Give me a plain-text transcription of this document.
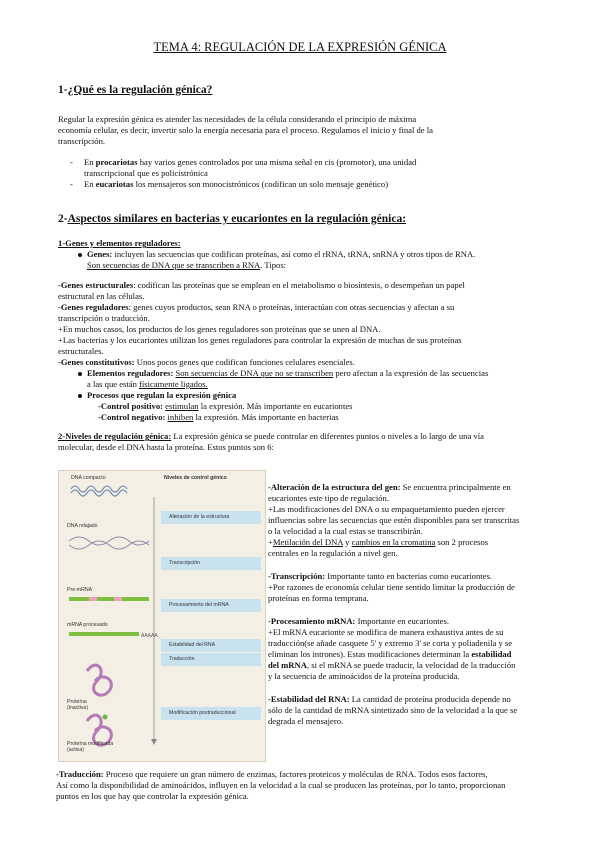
TEMA 4: REGULACIÓN DE LA EXPRESIÓN GÉNICA
1-¿Qué es la regulación génica?
Regular la expresión génica es atender las necesidades de la célula considerando el principio de máxima
economía celular, es decir, invertir solo la energía necesaria para el proceso. Regulamos el inicio y final de la
transcripción.
- En procariotas hay varios genes controlados por una misma señal en cis (promotor), una unidad
transcripcional que es policistrónica
- En eucariotas los mensajeros son monocistrónicos (codifican un solo mensaje genético)
2-Aspectos similares en bacterias y eucariontes en la regulación génica:
1-Genes y elementos reguladores:
Genes: incluyen las secuencias que codifican proteínas, así como el rRNA, tRNA, snRNA y otros tipos de RNA.
Son secuencias de DNA que se transcriben a RNA. Tipos:
-Genes estructurales: codifican las proteínas que se emplean en el metabolismo o biosíntesis, o desempeñan un papel
estructural en las células.
-Genes reguladores: genes cuyos productos, sean RNA o proteínas, interactúan con otras secuencias y afectan a su
transcripción o traducción.
+En muchos casos, los productos de los genes reguladores son proteínas que se unen al DNA.
+Las bacterias y los eucariontes utilizan los genes reguladores para controlar la expresión de muchas de sus proteínas
estructurales.
-Genes constitutivos: Unos pocos genes que codifican funciones celulares esenciales.
Elementos reguladores: Son secuencias de DNA que no se transcriben pero afectan a la expresión de las secuencias
a las que están físicamente ligados.
Procesos que regulan la expresión génica
-Control positivo: estimulan la expresión. Más importante en eucariontes
-Control negativo: inhiben la expresión. Más importante en bacterias
2-Niveles de regulación génica: La expresión génica se puede controlar en diferentes puntos o niveles a lo largo de una vía
molecular, desde el DNA hasta la proteína. Estos puntos son 6:
DNA compacto	Niveles de control génico
AAAAA
DNA relajado
Pre-mRNA
mRNA procesado
Proteína (inactiva)
Proteína modificada (activa)
Alteración de la estructura
Transcripción
Procesamiento del mRNA
Estabilidad del RNA
Traducción
Modificación postraduccional
-Alteración de la estructura del gen: Se encuentra principalmente en
eucariontes este tipo de regulación.
+Las modificaciones del DNA o su empaquetamiento pueden ejercer
influencias sobre las secuencias que estén disponibles para ser transcritas
o la velocidad a la cual estas se transcribirán.
+Metilación del DNA y cambios en la cromatina son 2 procesos
centrales en la regulación a nivel gen.
-Transcripción: Importante tanto en bacterias como eucariontes.
+Por razones de economía celular tiene sentido limitar la producción de
proteínas en forma temprana.
-Procesamiento mRNA: Importante en eucariontes.
+El mRNA eucarionte se modifica de manera exhaustiva antes de su
traducción(se añade casquete 5' y extremo 3' se corta y poliadenila y se
eliminan los intrones). Estas modificaciones determinan la estabilidad
del mRNA, si el mRNA se puede traducir, la velocidad de la traducción
y la secuencia de aminoácidos de la proteína producida.
-Estabilidad del RNA: La cantidad de proteína producida depende no
sólo de la cantidad de mRNA sintetizado sino de la velocidad a la que se
degrada el mensajero.
-Traducción: Proceso que requiere un gran número de enzimas, factores proteicos y moléculas de RNA. Todos esos factores,
Así como la disponibilidad de aminoácidos, influyen en la velocidad a la cual se producen las proteínas, por lo tanto, proporcionan
puntos en los que hay que controlar la expresión génica.
